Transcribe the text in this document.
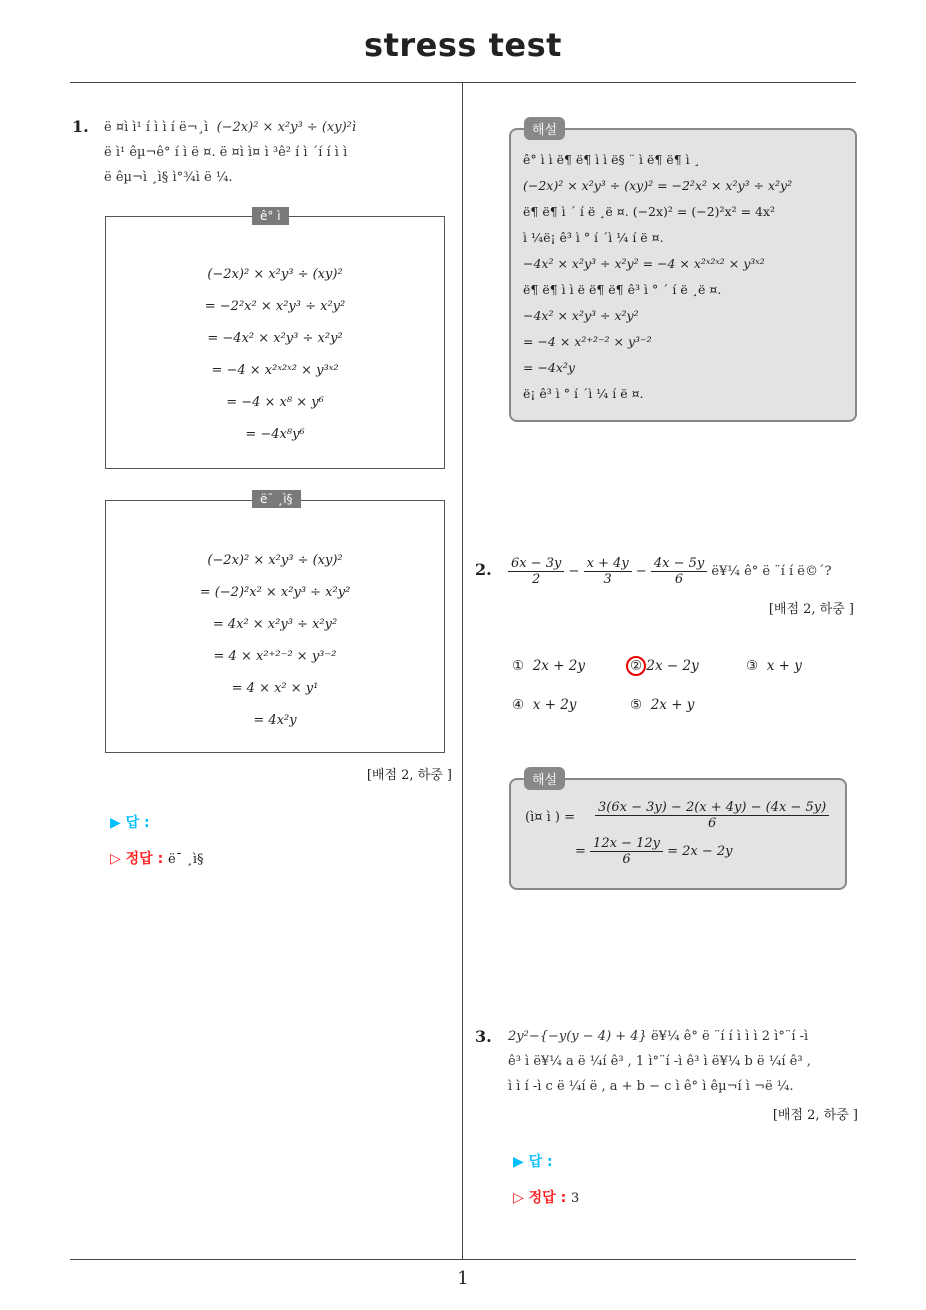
stress test
1
1. ë ¤ì ì¹ í ì ì í ë¬¸ì (−2x)² × x²y³ ÷ (xy)²ì
ë ì¹ êµ¬ê° í ì ë ¤. ë ¤ì ì¤ ì ³ê² í ì ´í í ì ì
ë êµ¬ì ¸ì§ ì°¾ì ë ¼.
(−2x)² × x²y³ ÷ (xy)²
= −2²x² × x²y³ ÷ x²y²
= −4x² × x²y³ ÷ x²y²
= −4 × x²ˣ²ˣ² × y³ˣ²
= −4 × x⁸ × y⁶
= −4x⁸y⁶
ê° ì
(−2x)² × x²y³ ÷ (xy)²
= (−2)²x² × x²y³ ÷ x²y²
= 4x² × x²y³ ÷ x²y²
= 4 × x²⁺²⁻² × y³⁻²
= 4 × x² × y¹
= 4x²y
ë¯ ¸ì§
[배점 2, 하중 ]
▶ 답 :
▷ 정답 : ë¯ ¸ì§
ê° ì ì ë¶ ë¶ ì ì ë§ ¨ ì ë¶ ë¶ ì ¸
(−2x)² × x²y³ ÷ (xy)² = −2²x² × x²y³ ÷ x²y²
ë¶ ë¶ ì ´ í ë ¸ë ¤. (−2x)² = (−2)²x² = 4x²
ì ¼ë¡ ê³ ì ° í ´ì ¼ í ë ¤.
−4x² × x²y³ ÷ x²y² = −4 × x²ˣ²ˣ² × y³ˣ²
ë¶ ë¶ ì ì ë ë¶ ë¶ ê³ ì ° ´ í ë ¸ë ¤.
−4x² × x²y³ ÷ x²y²
= −4 × x²⁺²⁻² × y³⁻²
= −4x²y
ë¡ ê³ ì ° í ´ì ¼ í ë ¤.
해설
2. $\frac{6x - 3y}{2} - \frac{x + 4y}{3} - \frac{4x - 5y}{6}$ ë¥¼ ê° ë ¨í í ë©´?
[배점 2, 하중 ]
① 2x + 2y	② 2x − 2y	③ x + y
④ x + 2y	⑤ 2x + y
(ì¤ ì ) = $\frac{3(6x - 3y) - 2(x + 4y) - (4x - 5y)}{6}$
= $\frac{12x - 12y}{6} = 2x - 2y$
해설
3. 2y²−{−y(y − 4) + 4} ë¥¼ ê° ë ¨í í ì ì ì 2 ì°¨í -ì
ê³ ì ë¥¼ a ë ¼í ê³ , 1 ì°¨í -ì ê³ ì ë¥¼ b ë ¼í ê³ ,
ì ì í -ì c ë ¼í ë , a + b − c ì ê° ì êµ¬í ì ¬ë ¼.
[배점 2, 하중 ]
▶ 답 :
▷ 정답 : 3
